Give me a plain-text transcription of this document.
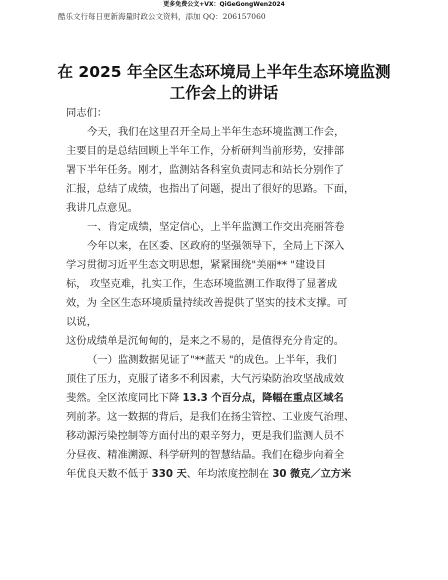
更多免费公文+VX：QiGeGongWen2024
酷乐文行每日更新海量时政公文资料，添加 QQ：206157060
在 2025 年全区生态环境局上半年生态环境监测
工作会上的讲话

同志们：

今天，我们在这里召开全局上半年生态环境监测工作会，
主要目的是总结回顾上半年工作，分析研判当前形势，安排部
署下半年任务。刚才，监测站各科室负责同志和站长分别作了
汇报，总结了成绩，也指出了问题，提出了很好的思路。下面，
我讲几点意见。

一、肯定成绩，坚定信心，上半年监测工作交出亮丽答卷

今年以来，在区委、区政府的坚强领导下，全局上下深入
学习贯彻习近平生态文明思想，紧紧围绕"美丽** "建设目
标， 攻坚克难，扎实工作，生态环境监测工作取得了显著成
效，为 全区生态环境质量持续改善提供了坚实的技术支撑。可
以说，

这份成绩单是沉甸甸的，是来之不易的，是值得充分肯定的。

（一）监测数据见证了"**蓝天 "的成色。上半年，我们
顶住了压力，克服了诸多不利因素，大气污染防治攻坚战成效
斐然。全区浓度同比下降 13.3 个百分点，降幅在重点区域名
列前茅。这一数据的背后，是我们在扬尘管控、工业废气治理、
移动源污染控制等方面付出的艰辛努力，更是我们监测人员不
分昼夜、精准溯源、科学研判的智慧结晶。我们在稳步向着全
年优良天数不低于 330 天、年均浓度控制在 30 微克／立方米
